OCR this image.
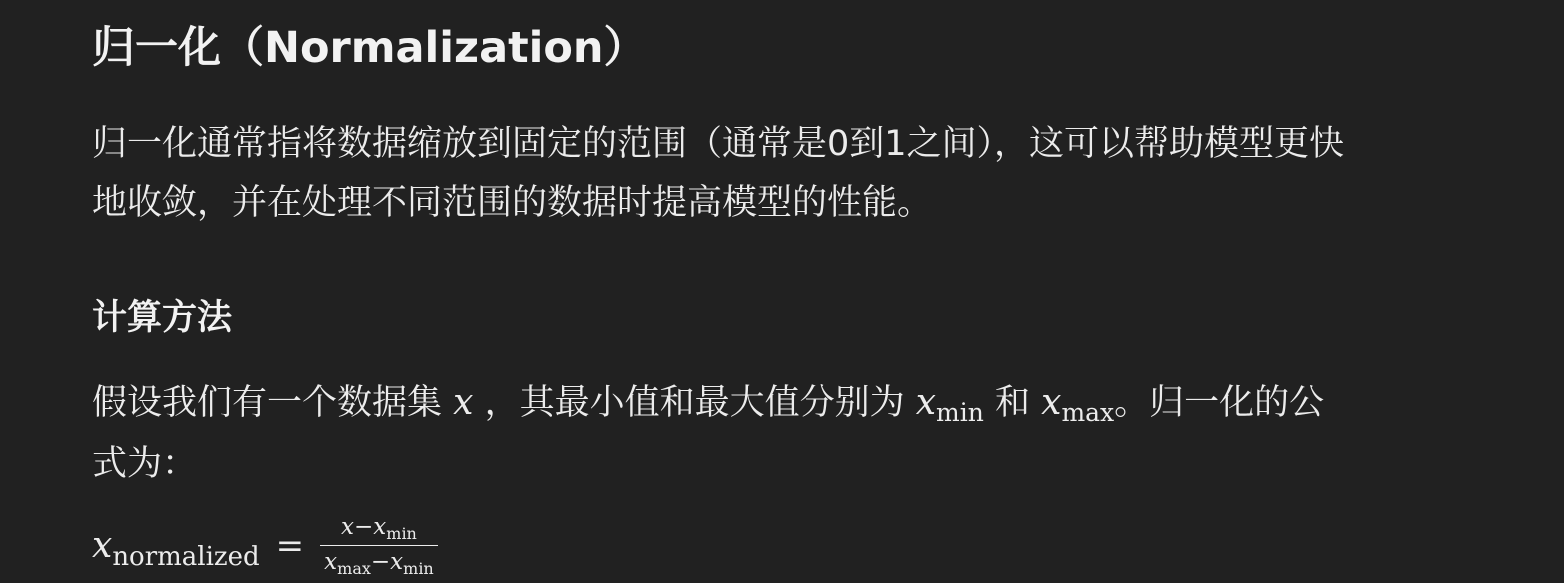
归一化（Normalization）
归一化通常指将数据缩放到固定的范围（通常是0到1之间），这可以帮助模型更快
地收敛，并在处理不同范围的数据时提高模型的性能。
计算方法
假设我们有一个数据集 x ，其最小值和最大值分别为 xmin 和 xmax。归一化的公
式为：
$x_{normalized} = \frac{x-x_{min}}{x_{max}-x_{min}}$
